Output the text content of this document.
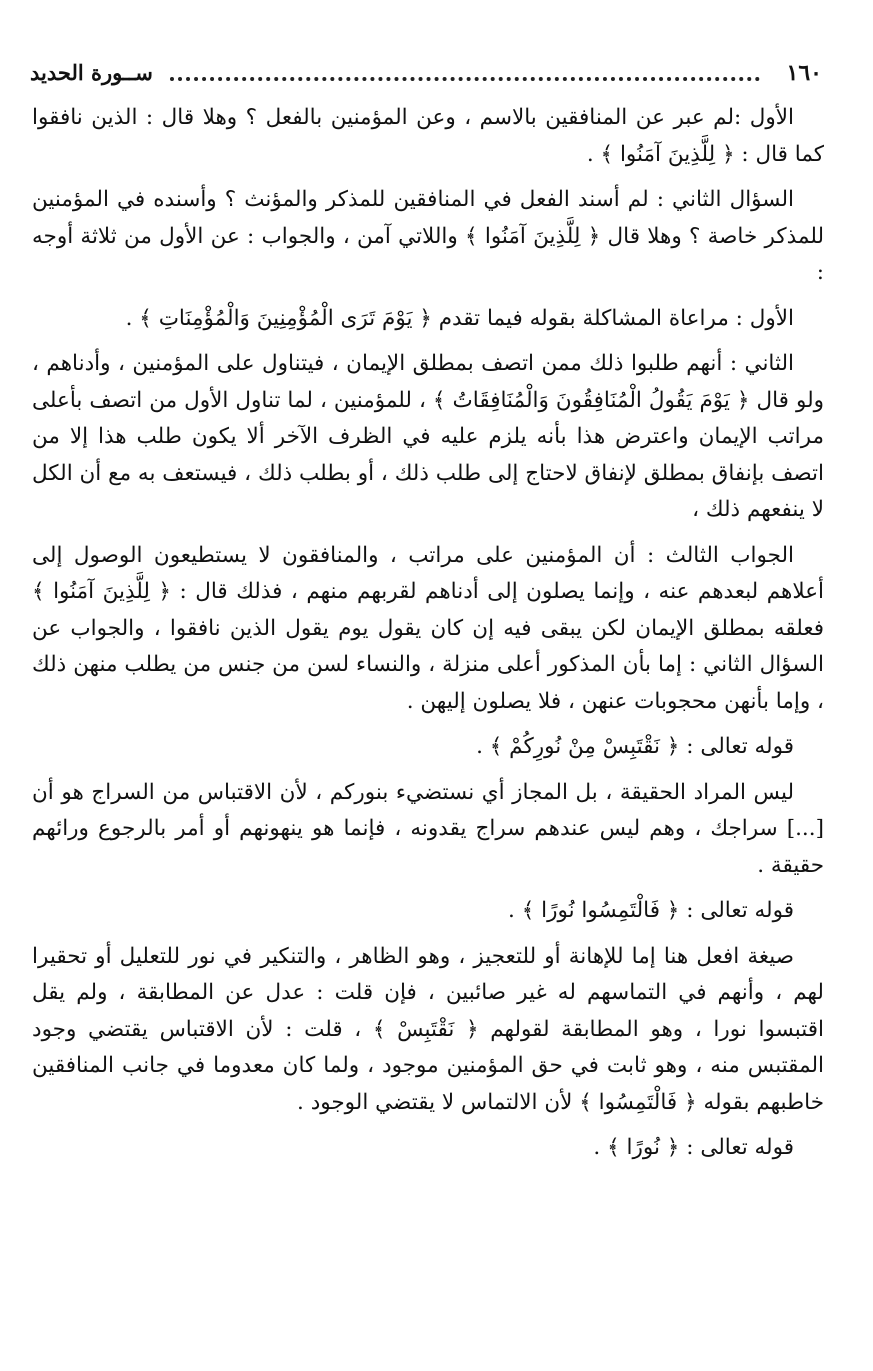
١٦٠
ســورة الحديد

الأول :لم عبر عن المنافقين بالاسم ، وعن المؤمنين بالفعل ؟ وهلا قال : الذين نافقوا كما قال : ﴿ لِلَّذِينَ آمَنُوا ﴾ .

السؤال الثاني : لم أسند الفعل في المنافقين للمذكر والمؤنث ؟ وأسنده في المؤمنين للمذكر خاصة ؟ وهلا قال ﴿ لِلَّذِينَ آمَنُوا ﴾ واللاتي آمن ، والجواب : عن الأول من ثلاثة أوجه :

الأول : مراعاة المشاكلة بقوله فيما تقدم ﴿ يَوْمَ تَرَى الْمُؤْمِنِينَ وَالْمُؤْمِنَاتِ ﴾ .

الثاني : أنهم طلبوا ذلك ممن اتصف بمطلق الإيمان ، فيتناول على المؤمنين ، وأدناهم ، ولو قال ﴿ يَوْمَ يَقُولُ الْمُنَافِقُونَ وَالْمُنَافِقَاتُ ﴾ ، للمؤمنين ، لما تناول الأول من اتصف بأعلى مراتب الإيمان واعترض هذا بأنه يلزم عليه في الظرف الآخر ألا يكون طلب هذا إلا من اتصف بإنفاق بمطلق لإنفاق لاحتاج إلى طلب ذلك ، أو بطلب ذلك ، فيستعف به مع أن الكل لا ينفعهم ذلك ،

الجواب الثالث : أن المؤمنين على مراتب ، والمنافقون لا يستطيعون الوصول إلى أعلاهم لبعدهم عنه ، وإنما يصلون إلى أدناهم لقربهم منهم ، فذلك قال : ﴿ لِلَّذِينَ آمَنُوا ﴾ فعلقه بمطلق الإيمان لكن يبقى فيه إن كان يقول يوم يقول الذين نافقوا ، والجواب عن السؤال الثاني : إما بأن المذكور أعلى منزلة ، والنساء لسن من جنس من يطلب منهن ذلك ، وإما بأنهن محجوبات عنهن ، فلا يصلون إليهن .

قوله تعالى : ﴿ نَقْتَبِسْ مِنْ نُورِكُمْ ﴾ .

ليس المراد الحقيقة ، بل المجاز أي نستضيء بنوركم ، لأن الاقتباس من السراج هو أن [...] سراجك ، وهم ليس عندهم سراج يقدونه ، فإنما هو ينهونهم أو أمر بالرجوع ورائهم حقيقة .

قوله تعالى : ﴿ فَالْتَمِسُوا نُورًا ﴾ .

صيغة افعل هنا إما للإهانة أو للتعجيز ، وهو الظاهر ، والتنكير في نور للتعليل أو تحقيرا لهم ، وأنهم في التماسهم له غير صائبين ، فإن قلت : عدل عن المطابقة ، ولم يقل اقتبسوا نورا ، وهو المطابقة لقولهم ﴿ نَقْتَبِسْ ﴾ ، قلت : لأن الاقتباس يقتضي وجود المقتبس منه ، وهو ثابت في حق المؤمنين موجود ، ولما كان معدوما في جانب المنافقين خاطبهم بقوله ﴿ فَالْتَمِسُوا ﴾ لأن الالتماس لا يقتضي الوجود .

قوله تعالى : ﴿ نُورًا ﴾ .
